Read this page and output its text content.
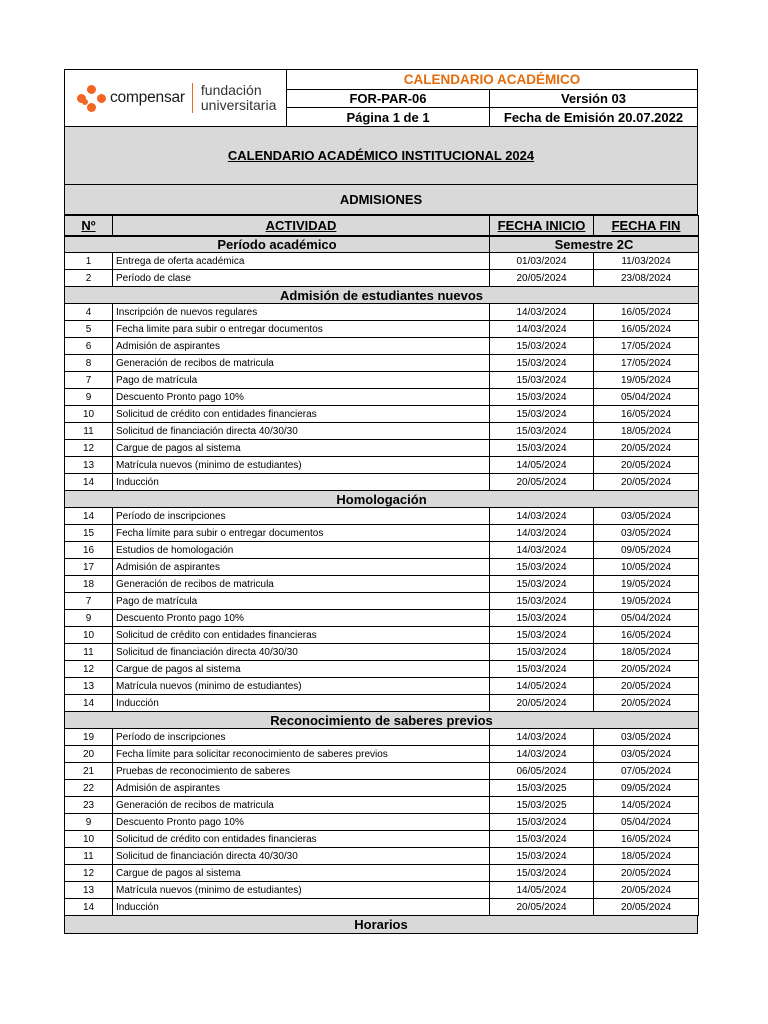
compensar fundación
universitaria
CALENDARIO ACADÉMICO
FOR-PAR-06	Versión 03
Página 1 de 1	Fecha de Emisión 20.07.2022
CALENDARIO ACADÉMICO INSTITUCIONAL 2024
ADMISIONES
Nº	ACTIVIDAD	FECHA INICIO	FECHA FIN
Período académico		Semestre 2C	
1	Entrega de oferta académica	01/03/2024	11/03/2024
2	Período de clase	20/05/2024	23/08/2024
Admisión de estudiantes nuevos			
4	Inscripción de nuevos regulares	14/03/2024	16/05/2024
5	Fecha limite para subir o entregar documentos	14/03/2024	16/05/2024
6	Admisión de aspirantes	15/03/2024	17/05/2024
8	Generación de recibos de matricula	15/03/2024	17/05/2024
7	Pago de matrícula	15/03/2024	19/05/2024
9	Descuento Pronto pago 10%	15/03/2024	05/04/2024
10	Solicitud de crédito con entidades financieras	15/03/2024	16/05/2024
11	Solicitud de financiación directa 40/30/30	15/03/2024	18/05/2024
12	Cargue de pagos al sistema	15/03/2024	20/05/2024
13	Matrícula nuevos (minimo de estudiantes)	14/05/2024	20/05/2024
14	Inducción	20/05/2024	20/05/2024
Homologación			
14	Período de inscripciones	14/03/2024	03/05/2024
15	Fecha límite para subir o entregar documentos	14/03/2024	03/05/2024
16	Estudios de homologación	14/03/2024	09/05/2024
17	Admisión de aspirantes	15/03/2024	10/05/2024
18	Generación de recibos de matricula	15/03/2024	19/05/2024
7	Pago de matrícula	15/03/2024	19/05/2024
9	Descuento Pronto pago 10%	15/03/2024	05/04/2024
10	Solicitud de crédito con entidades financieras	15/03/2024	16/05/2024
11	Solicitud de financiación directa 40/30/30	15/03/2024	18/05/2024
12	Cargue de pagos al sistema	15/03/2024	20/05/2024
13	Matrícula nuevos (minimo de estudiantes)	14/05/2024	20/05/2024
14	Inducción	20/05/2024	20/05/2024
Reconocimiento de saberes previos			
19	Período de inscripciones	14/03/2024	03/05/2024
20	Fecha límite para solicitar reconocimiento de saberes previos	14/03/2024	03/05/2024
21	Pruebas de reconocimiento de saberes	06/05/2024	07/05/2024
22	Admisión de aspirantes	15/03/2025	09/05/2024
23	Generación de recibos de matricula	15/03/2025	14/05/2024
9	Descuento Pronto pago 10%	15/03/2024	05/04/2024
10	Solicitud de crédito con entidades financieras	15/03/2024	16/05/2024
11	Solicitud de financiación directa 40/30/30	15/03/2024	18/05/2024
12	Cargue de pagos al sistema	15/03/2024	20/05/2024
13	Matrícula nuevos (minimo de estudiantes)	14/05/2024	20/05/2024
14	Inducción	20/05/2024	20/05/2024
Horarios
